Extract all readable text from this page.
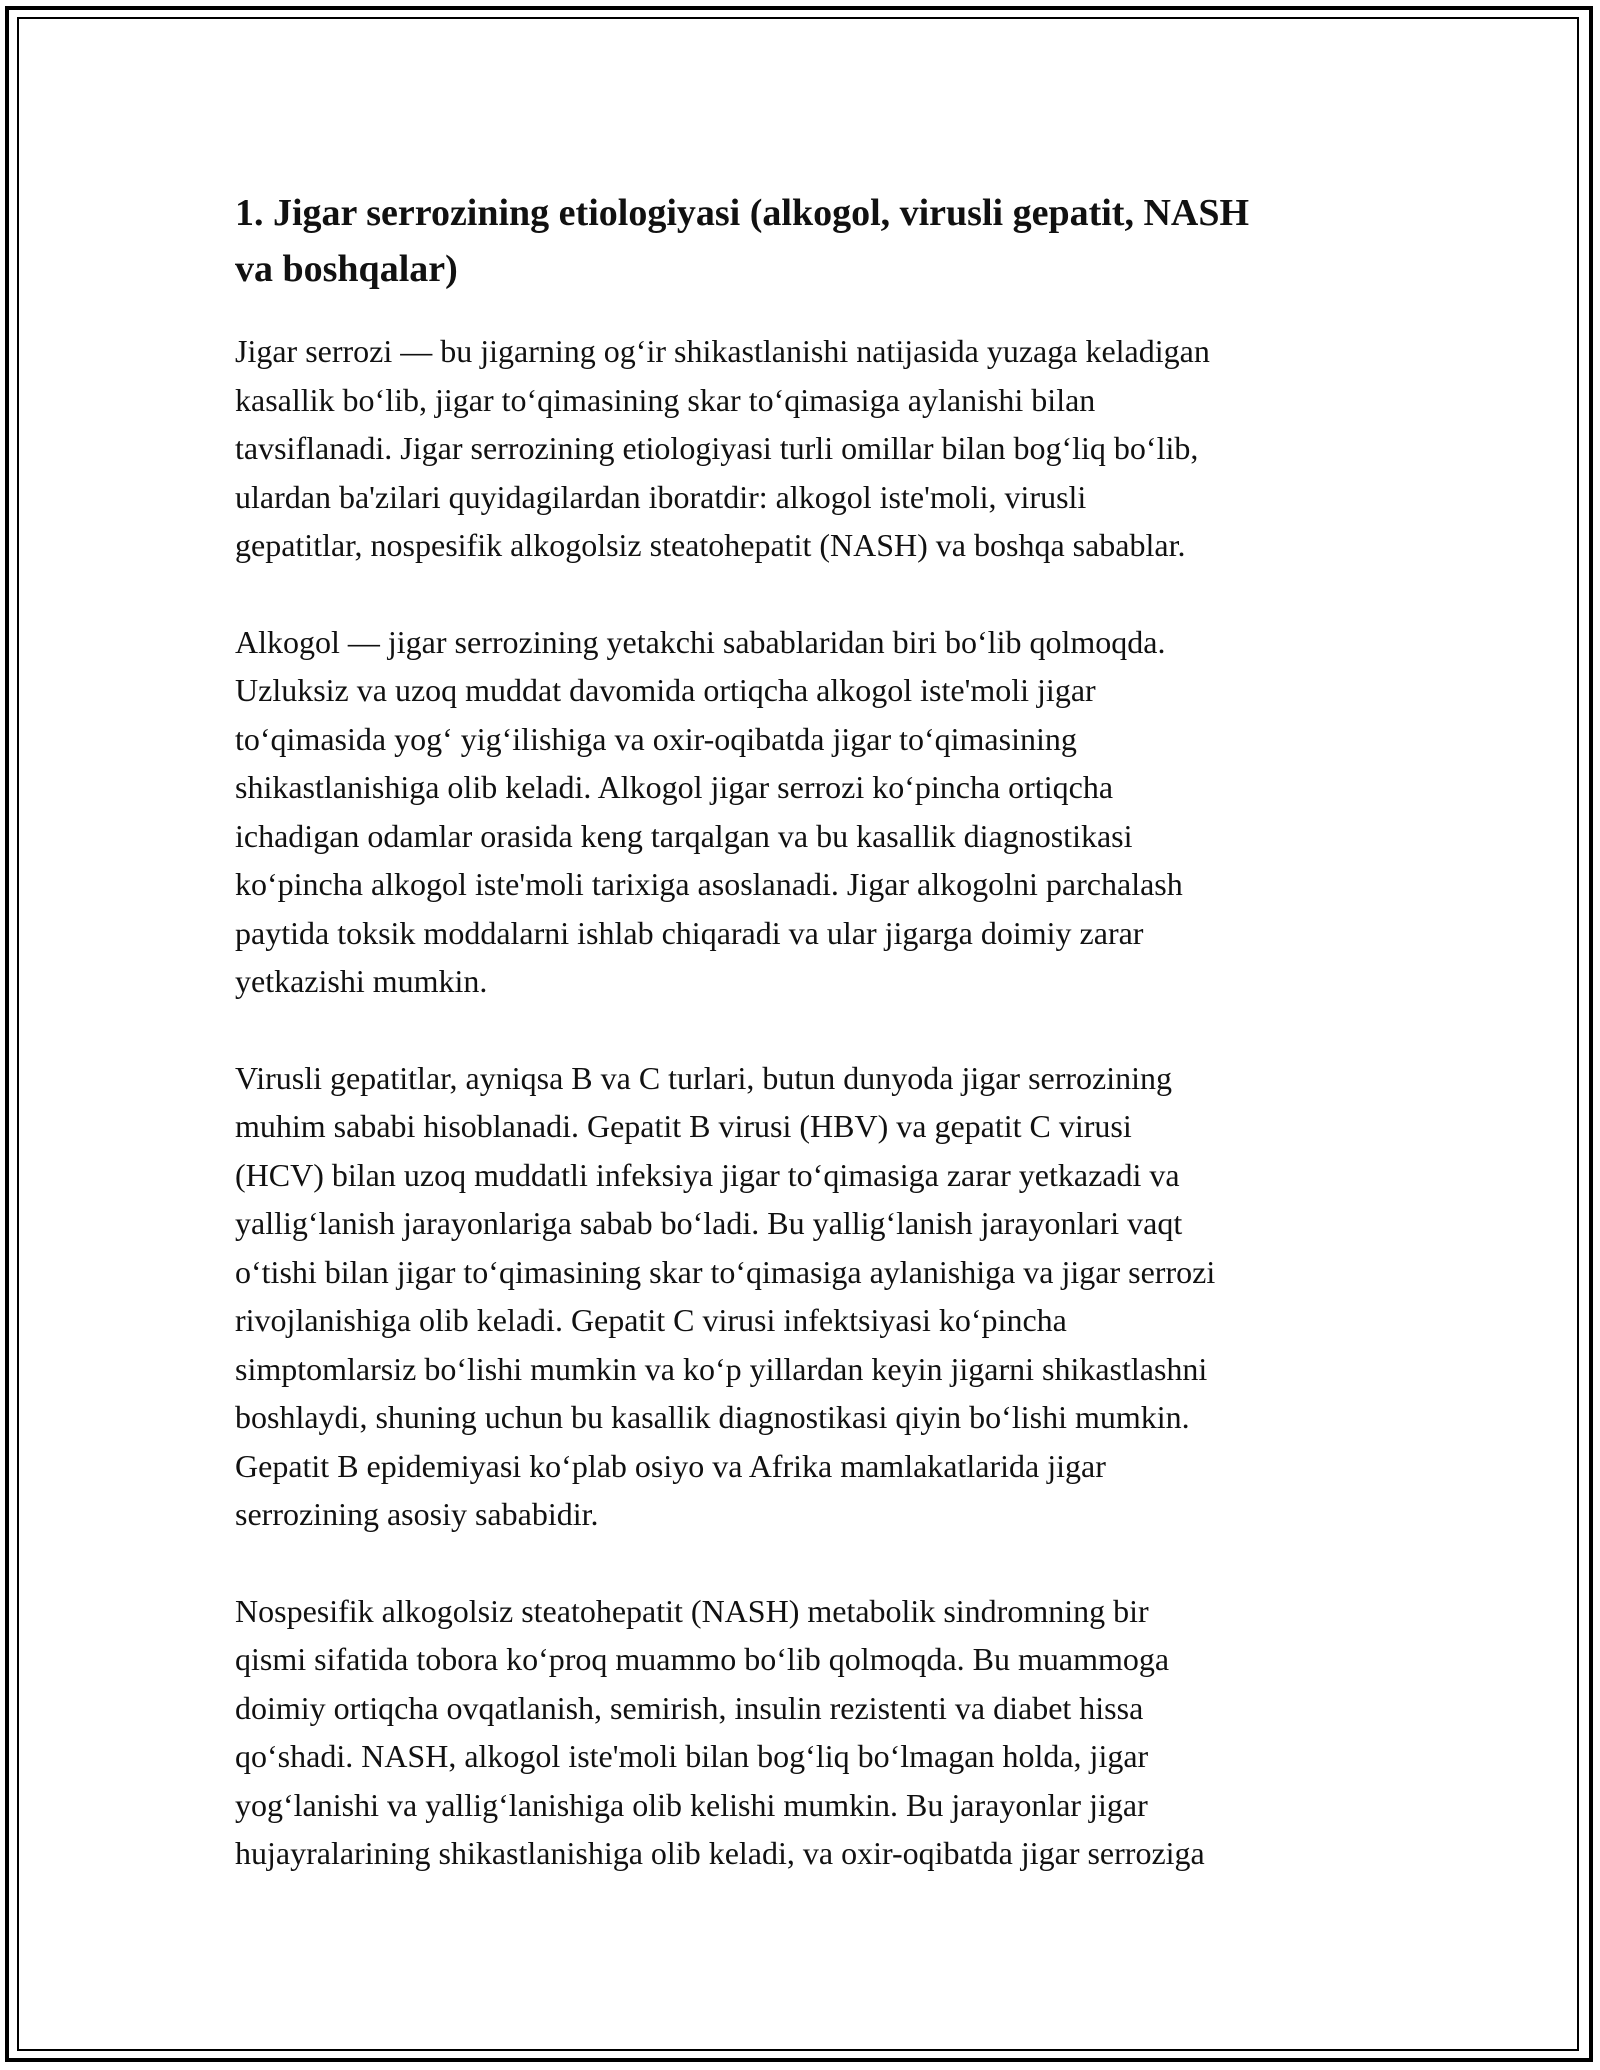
1. Jigar serrozining etiologiyasi (alkogol, virusli gepatit, NASH
va boshqalar)

Jigar serrozi — bu jigarning og‘ir shikastlanishi natijasida yuzaga keladigan
kasallik bo‘lib, jigar to‘qimasining skar to‘qimasiga aylanishi bilan
tavsiflanadi. Jigar serrozining etiologiyasi turli omillar bilan bog‘liq bo‘lib,
ulardan ba'zilari quyidagilardan iboratdir: alkogol iste'moli, virusli
gepatitlar, nospesifik alkogolsiz steatohepatit (NASH) va boshqa sabablar.

Alkogol — jigar serrozining yetakchi sabablaridan biri bo‘lib qolmoqda.
Uzluksiz va uzoq muddat davomida ortiqcha alkogol iste'moli jigar
to‘qimasida yog‘ yig‘ilishiga va oxir-oqibatda jigar to‘qimasining
shikastlanishiga olib keladi. Alkogol jigar serrozi ko‘pincha ortiqcha
ichadigan odamlar orasida keng tarqalgan va bu kasallik diagnostikasi
ko‘pincha alkogol iste'moli tarixiga asoslanadi. Jigar alkogolni parchalash
paytida toksik moddalarni ishlab chiqaradi va ular jigarga doimiy zarar
yetkazishi mumkin.

Virusli gepatitlar, ayniqsa B va C turlari, butun dunyoda jigar serrozining
muhim sababi hisoblanadi. Gepatit B virusi (HBV) va gepatit C virusi
(HCV) bilan uzoq muddatli infeksiya jigar to‘qimasiga zarar yetkazadi va
yallig‘lanish jarayonlariga sabab bo‘ladi. Bu yallig‘lanish jarayonlari vaqt
o‘tishi bilan jigar to‘qimasining skar to‘qimasiga aylanishiga va jigar serrozi
rivojlanishiga olib keladi. Gepatit C virusi infektsiyasi ko‘pincha
simptomlarsiz bo‘lishi mumkin va ko‘p yillardan keyin jigarni shikastlashni
boshlaydi, shuning uchun bu kasallik diagnostikasi qiyin bo‘lishi mumkin.
Gepatit B epidemiyasi ko‘plab osiyo va Afrika mamlakatlarida jigar
serrozining asosiy sababidir.

Nospesifik alkogolsiz steatohepatit (NASH) metabolik sindromning bir
qismi sifatida tobora ko‘proq muammo bo‘lib qolmoqda. Bu muammoga
doimiy ortiqcha ovqatlanish, semirish, insulin rezistenti va diabet hissa
qo‘shadi. NASH, alkogol iste'moli bilan bog‘liq bo‘lmagan holda, jigar
yog‘lanishi va yallig‘lanishiga olib kelishi mumkin. Bu jarayonlar jigar
hujayralarining shikastlanishiga olib keladi, va oxir-oqibatda jigar serroziga
